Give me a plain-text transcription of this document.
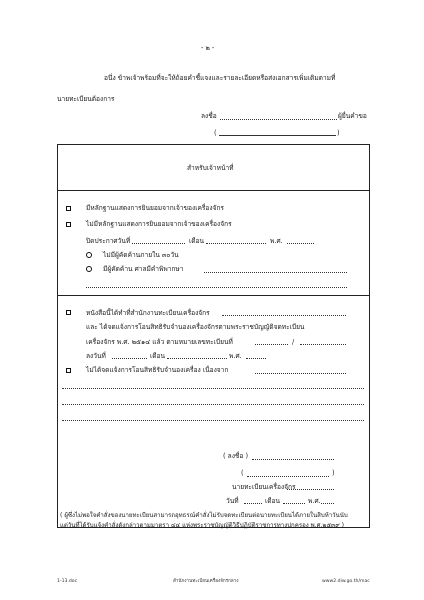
- ๒ -
อนึ่ง ข้าพเจ้าพร้อมที่จะให้ถ้อยคำชี้แจงและรายละเอียดหรือส่งเอกสารเพิ่มเติมตามที่
นายทะเบียนต้องการ
ลงชื่อ	ผู้ยื่นคำขอ
(	)
สำหรับเจ้าหน้าที่
มีหลักฐานแสดงการยินยอมจากเจ้าของเครื่องจักร
ไม่มีหลักฐานแสดงการยินยอมจากเจ้าของเครื่องจักร
ปิดประกาศวันที่	เดือน	พ.ศ.
ไม่มีผู้คัดค้านภายใน ๓๐วัน
มีผู้คัดค้าน ศาลมีคำพิพากษา
หนังสือนี้ได้ทำที่สำนักงานทะเบียนเครื่องจักร
และ ได้จดแจ้งการโอนสิทธิรับจำนองเครื่องจักรตามพระราชบัญญัติจดทะเบียน
เครื่องจักร พ.ศ. ๒๕๑๔ แล้ว ตามหมายเลขทะเบียนที่	/
ลงวันที่	เดือน	พ.ศ.
ไม่ได้จดแจ้งการโอนสิทธิรับจำนองเครื่อง เนื่องจาก
( ลงชื่อ )
(	)
นายทะเบียนเครื่องจักร
วันที่	เดือน	พ.ศ.
( ผู้ซึ่งไม่พอใจคำสั่งของนายทะเบียนสามารถอุทธรณ์คำสั่งไม่รับจดทะเบียนต่อนายทะเบียนได้ภายในสิบห้าวันนับ
แต่วันที่ได้รับแจ้งคำสั่งดังกล่าวตามมาตรา ๔๔ แห่งพระราชบัญญัติวิธีปฏิบัติราชการทางปกครอง พ.ศ.๒๕๓๙ )
1-13.doc	สำนักงานทะเบียนเครื่องจักรกลาง	www2.diw.go.th/mac
